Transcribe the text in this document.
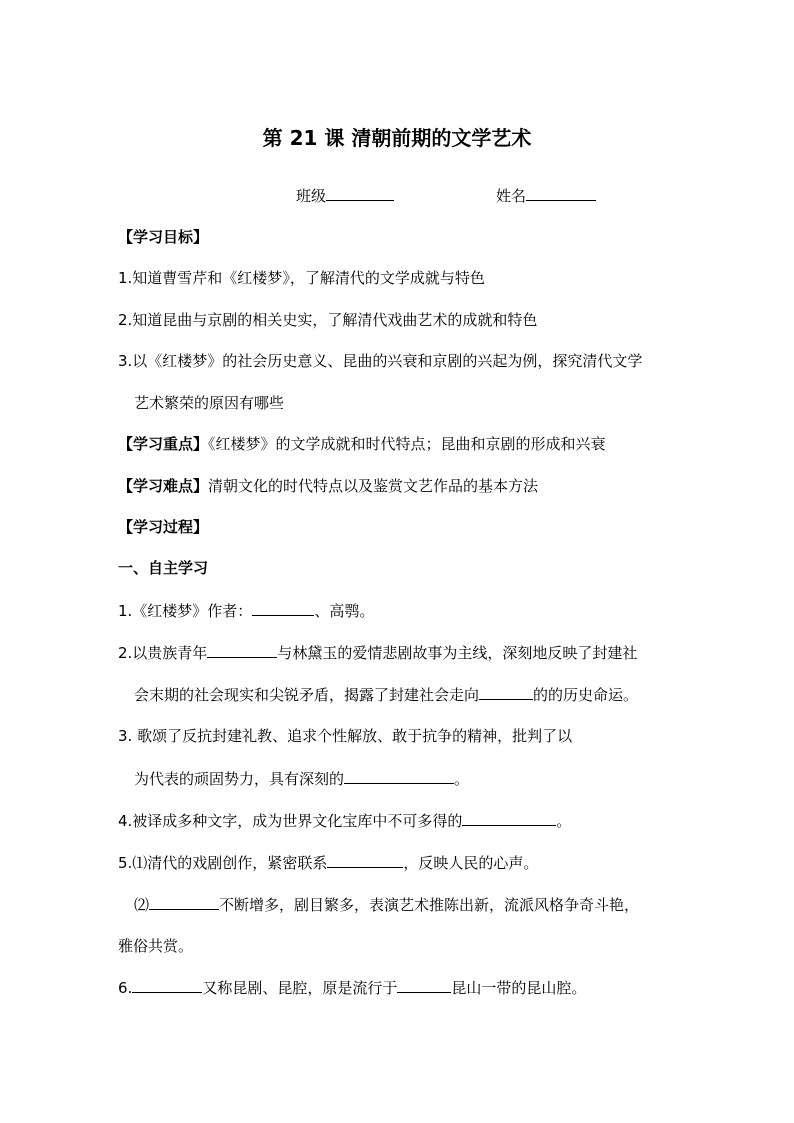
第 21 课 清朝前期的文学艺术
班级	姓名
【学习目标】
1.知道曹雪芹和《红楼梦》，了解清代的文学成就与特色
2.知道昆曲与京剧的相关史实，了解清代戏曲艺术的成就和特色
3.以《红楼梦》的社会历史意义、昆曲的兴衰和京剧的兴起为例，探究清代文学
艺术繁荣的原因有哪些
【学习重点】《红楼梦》的文学成就和时代特点；昆曲和京剧的形成和兴衰
【学习难点】清朝文化的时代特点以及鉴赏文艺作品的基本方法
【学习过程】
一、自主学习
1.《红楼梦》作者：	、高鹗。
2.以贵族青年	与林黛玉的爱情悲剧故事为主线，深刻地反映了封建社
会末期的社会现实和尖锐矛盾，揭露了封建社会走向	的的历史命运。
3. 歌颂了反抗封建礼教、追求个性解放、敢于抗争的精神，批判了以
为代表的顽固势力，具有深刻的	。
4.被译成多种文字，成为世界文化宝库中不可多得的	。
5.⑴清代的戏剧创作，紧密联系	，反映人民的心声。
⑵	不断增多，剧目繁多，表演艺术推陈出新，流派风格争奇斗艳，
雅俗共赏。
6.	又称昆剧、昆腔，原是流行于	昆山一带的昆山腔。
